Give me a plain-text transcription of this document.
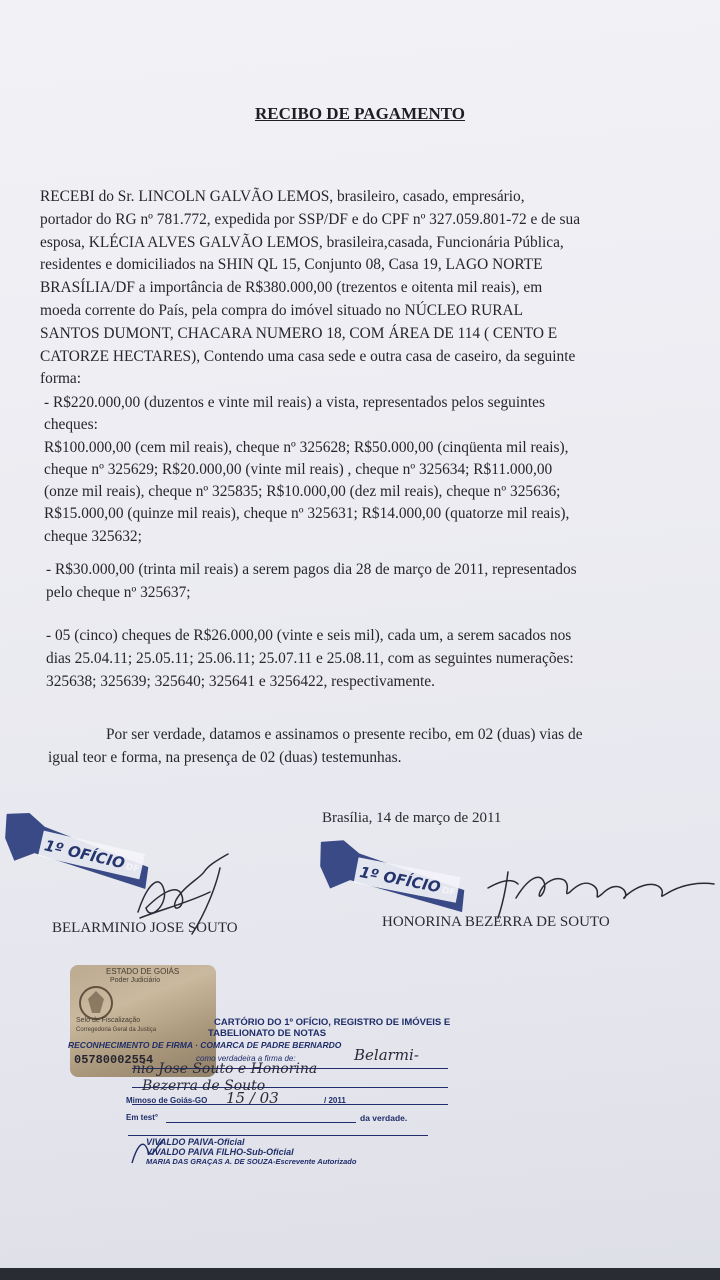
RECIBO DE PAGAMENTO

RECEBI do Sr. LINCOLN GALVÃO LEMOS, brasileiro, casado, empresário,
portador do RG nº 781.772, expedida por SSP/DF e do CPF nº 327.059.801-72 e de sua
esposa, KLÉCIA ALVES GALVÃO LEMOS, brasileira,casada, Funcionária Pública,
residentes e domiciliados na SHIN QL 15, Conjunto 08, Casa 19, LAGO NORTE
BRASÍLIA/DF a importância de R$380.000,00 (trezentos e oitenta mil reais), em
moeda corrente do País, pela compra do imóvel situado no NÚCLEO RURAL
SANTOS DUMONT, CHACARA NUMERO 18, COM ÁREA DE 114 ( CENTO E
CATORZE HECTARES), Contendo uma casa sede e outra casa de caseiro, da seguinte
forma:

- R$220.000,00 (duzentos e vinte mil reais) a vista, representados pelos seguintes
cheques:
R$100.000,00 (cem mil reais), cheque nº 325628; R$50.000,00 (cinqüenta mil reais),
cheque nº 325629; R$20.000,00 (vinte mil reais) , cheque nº 325634; R$11.000,00
(onze mil reais), cheque nº 325835; R$10.000,00 (dez mil reais), cheque nº 325636;
R$15.000,00 (quinze mil reais), cheque nº 325631; R$14.000,00 (quatorze mil reais),
cheque 325632;

- R$30.000,00 (trinta mil reais) a serem pagos dia 28 de março de 2011, representados
pelo cheque nº 325637;

- 05 (cinco) cheques de R$26.000,00 (vinte e seis mil), cada um, a serem sacados nos
dias 25.04.11; 25.05.11; 25.06.11; 25.07.11 e 25.08.11, com as seguintes numerações:
325638; 325639; 325640; 325641 e 3256422, respectivamente.

Por ser verdade, datamos e assinamos o presente recibo, em 02 (duas) vias de
igual teor e forma, na presença de 02 (duas) testemunhas.

Brasília, 14 de março de 2011
1º OFÍCIO
DF	1º OFÍCIO
DF
BELARMINIO JOSE SOUTO	HONORINA BEZERRA DE SOUTO
ESTADO DE GOIÁS
Poder Judiciário
Selo de Fiscalização
Corregedoria Geral da Justiça
05780002554
CARTÓRIO DO 1º OFÍCIO, REGISTRO DE IMÓVEIS E
TABELIONATO DE NOTAS
RECONHECIMENTO DE FIRMA · COMARCA DE PADRE BERNARDO
como verdadeira a firma de:	Belarmi-
nio Jose Souto e Honorina
Bezerra de Souto
Mimoso de Goiás-GO 15 / 03	/ 2011
Em test°	da verdade.
VIVALDO PAIVA-Oficial
VIVALDO PAIVA FILHO-Sub-Oficial
MARIA DAS GRAÇAS A. DE SOUZA-Escrevente Autorizado
